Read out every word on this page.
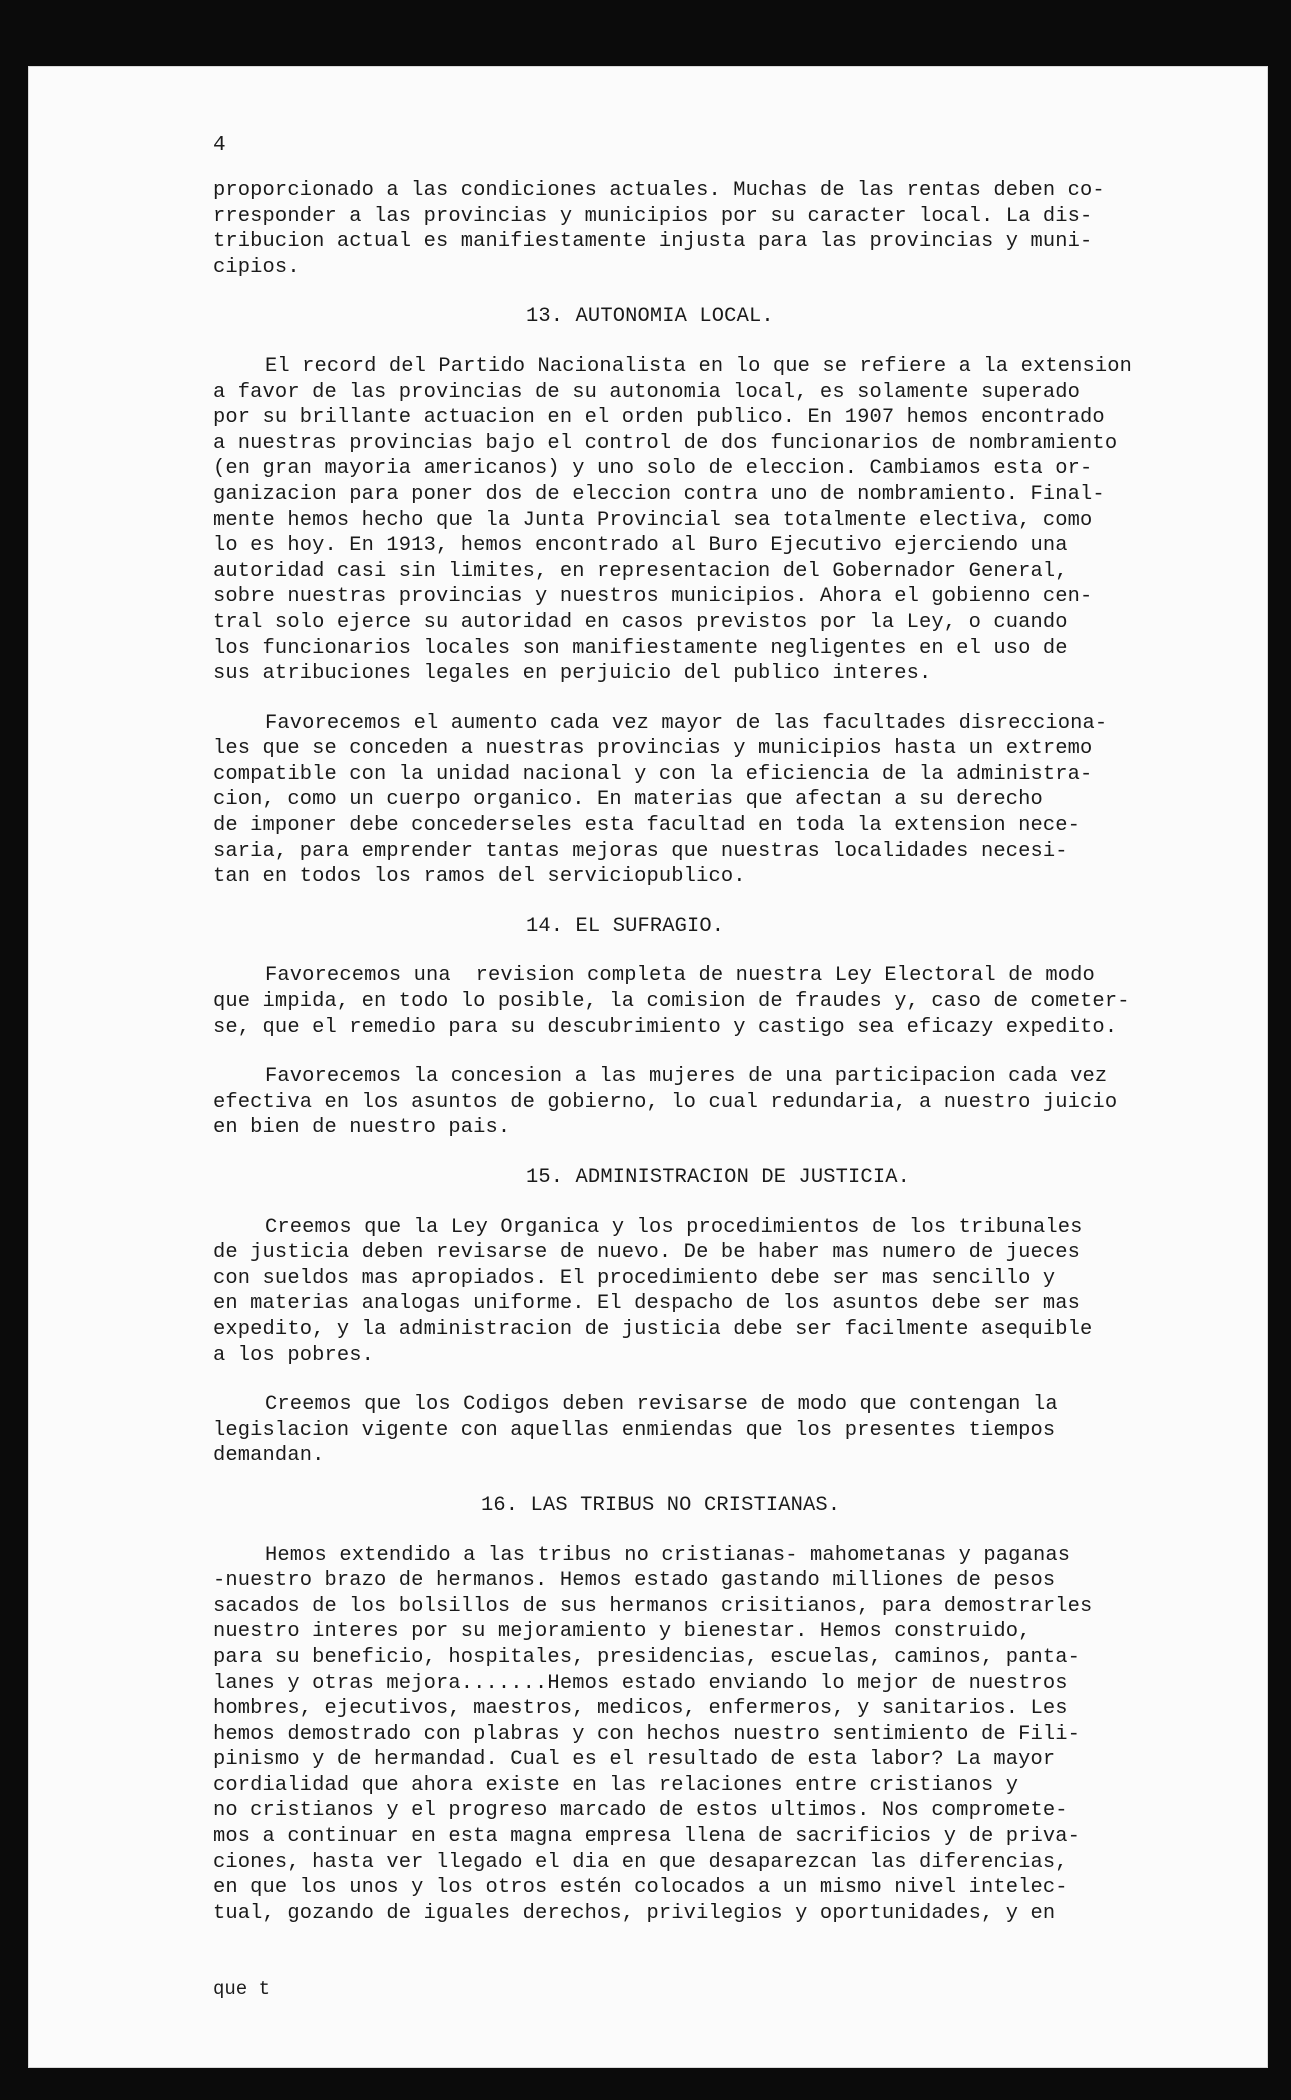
4

proporcionado a las condiciones actuales. Muchas de las rentas deben co-

rresponder a las provincias y municipios por su caracter local. La dis-

tribucion actual es manifiestamente injusta para las provincias y muni-

cipios.

13. AUTONOMIA LOCAL.

El record del Partido Nacionalista en lo que se refiere a la extension

a favor de las provincias de su autonomia local, es solamente superado

por su brillante actuacion en el orden publico. En 1907 hemos encontrado

a nuestras provincias bajo el control de dos funcionarios de nombramiento

(en gran mayoria americanos) y uno solo de eleccion. Cambiamos esta or-

ganizacion para poner dos de eleccion contra uno de nombramiento. Final-

mente hemos hecho que la Junta Provincial sea totalmente electiva, como

lo es hoy. En 1913, hemos encontrado al Buro Ejecutivo ejerciendo una

autoridad casi sin limites, en representacion del Gobernador General,

sobre nuestras provincias y nuestros municipios. Ahora el gobienno cen-

tral solo ejerce su autoridad en casos previstos por la Ley, o cuando

los funcionarios locales son manifiestamente negligentes en el uso de

sus atribuciones legales en perjuicio del publico interes.

Favorecemos el aumento cada vez mayor de las facultades disrecciona-

les que se conceden a nuestras provincias y municipios hasta un extremo

compatible con la unidad nacional y con la eficiencia de la administra-

cion, como un cuerpo organico. En materias que afectan a su derecho

de imponer debe concederseles esta facultad en toda la extension nece-

saria, para emprender tantas mejoras que nuestras localidades necesi-

tan en todos los ramos del serviciopublico.

14. EL SUFRAGIO.

Favorecemos una  revision completa de nuestra Ley Electoral de modo

que impida, en todo lo posible, la comision de fraudes y, caso de cometer-

se, que el remedio para su descubrimiento y castigo sea eficazy expedito.

Favorecemos la concesion a las mujeres de una participacion cada vez

efectiva en los asuntos de gobierno, lo cual redundaria, a nuestro juicio

en bien de nuestro pais.

15. ADMINISTRACION DE JUSTICIA.

Creemos que la Ley Organica y los procedimientos de los tribunales

de justicia deben revisarse de nuevo. De be haber mas numero de jueces

con sueldos mas apropiados. El procedimiento debe ser mas sencillo y

en materias analogas uniforme. El despacho de los asuntos debe ser mas

expedito, y la administracion de justicia debe ser facilmente asequible

a los pobres.

Creemos que los Codigos deben revisarse de modo que contengan la

legislacion vigente con aquellas enmiendas que los presentes tiempos

demandan.

16. LAS TRIBUS NO CRISTIANAS.

Hemos extendido a las tribus no cristianas- mahometanas y paganas

-nuestro brazo de hermanos. Hemos estado gastando milliones de pesos

sacados de los bolsillos de sus hermanos crisitianos, para demostrarles

nuestro interes por su mejoramiento y bienestar. Hemos construido,

para su beneficio, hospitales, presidencias, escuelas, caminos, panta-

lanes y otras mejora.......Hemos estado enviando lo mejor de nuestros

hombres, ejecutivos, maestros, medicos, enfermeros, y sanitarios. Les

hemos demostrado con plabras y con hechos nuestro sentimiento de Fili-

pinismo y de hermandad. Cual es el resultado de esta labor? La mayor

cordialidad que ahora existe en las relaciones entre cristianos y

no cristianos y el progreso marcado de estos ultimos. Nos comprometе-

mos a continuar en esta magna empresa llena de sacrificios y de priva-

ciones, hasta ver llegado el dia en que desaparezcan las diferencias,

en que los unos y los otros estén colocados a un mismo nivel intelec-

tual, gozando de iguales derechos, privilegios y oportunidades, y en

que t
